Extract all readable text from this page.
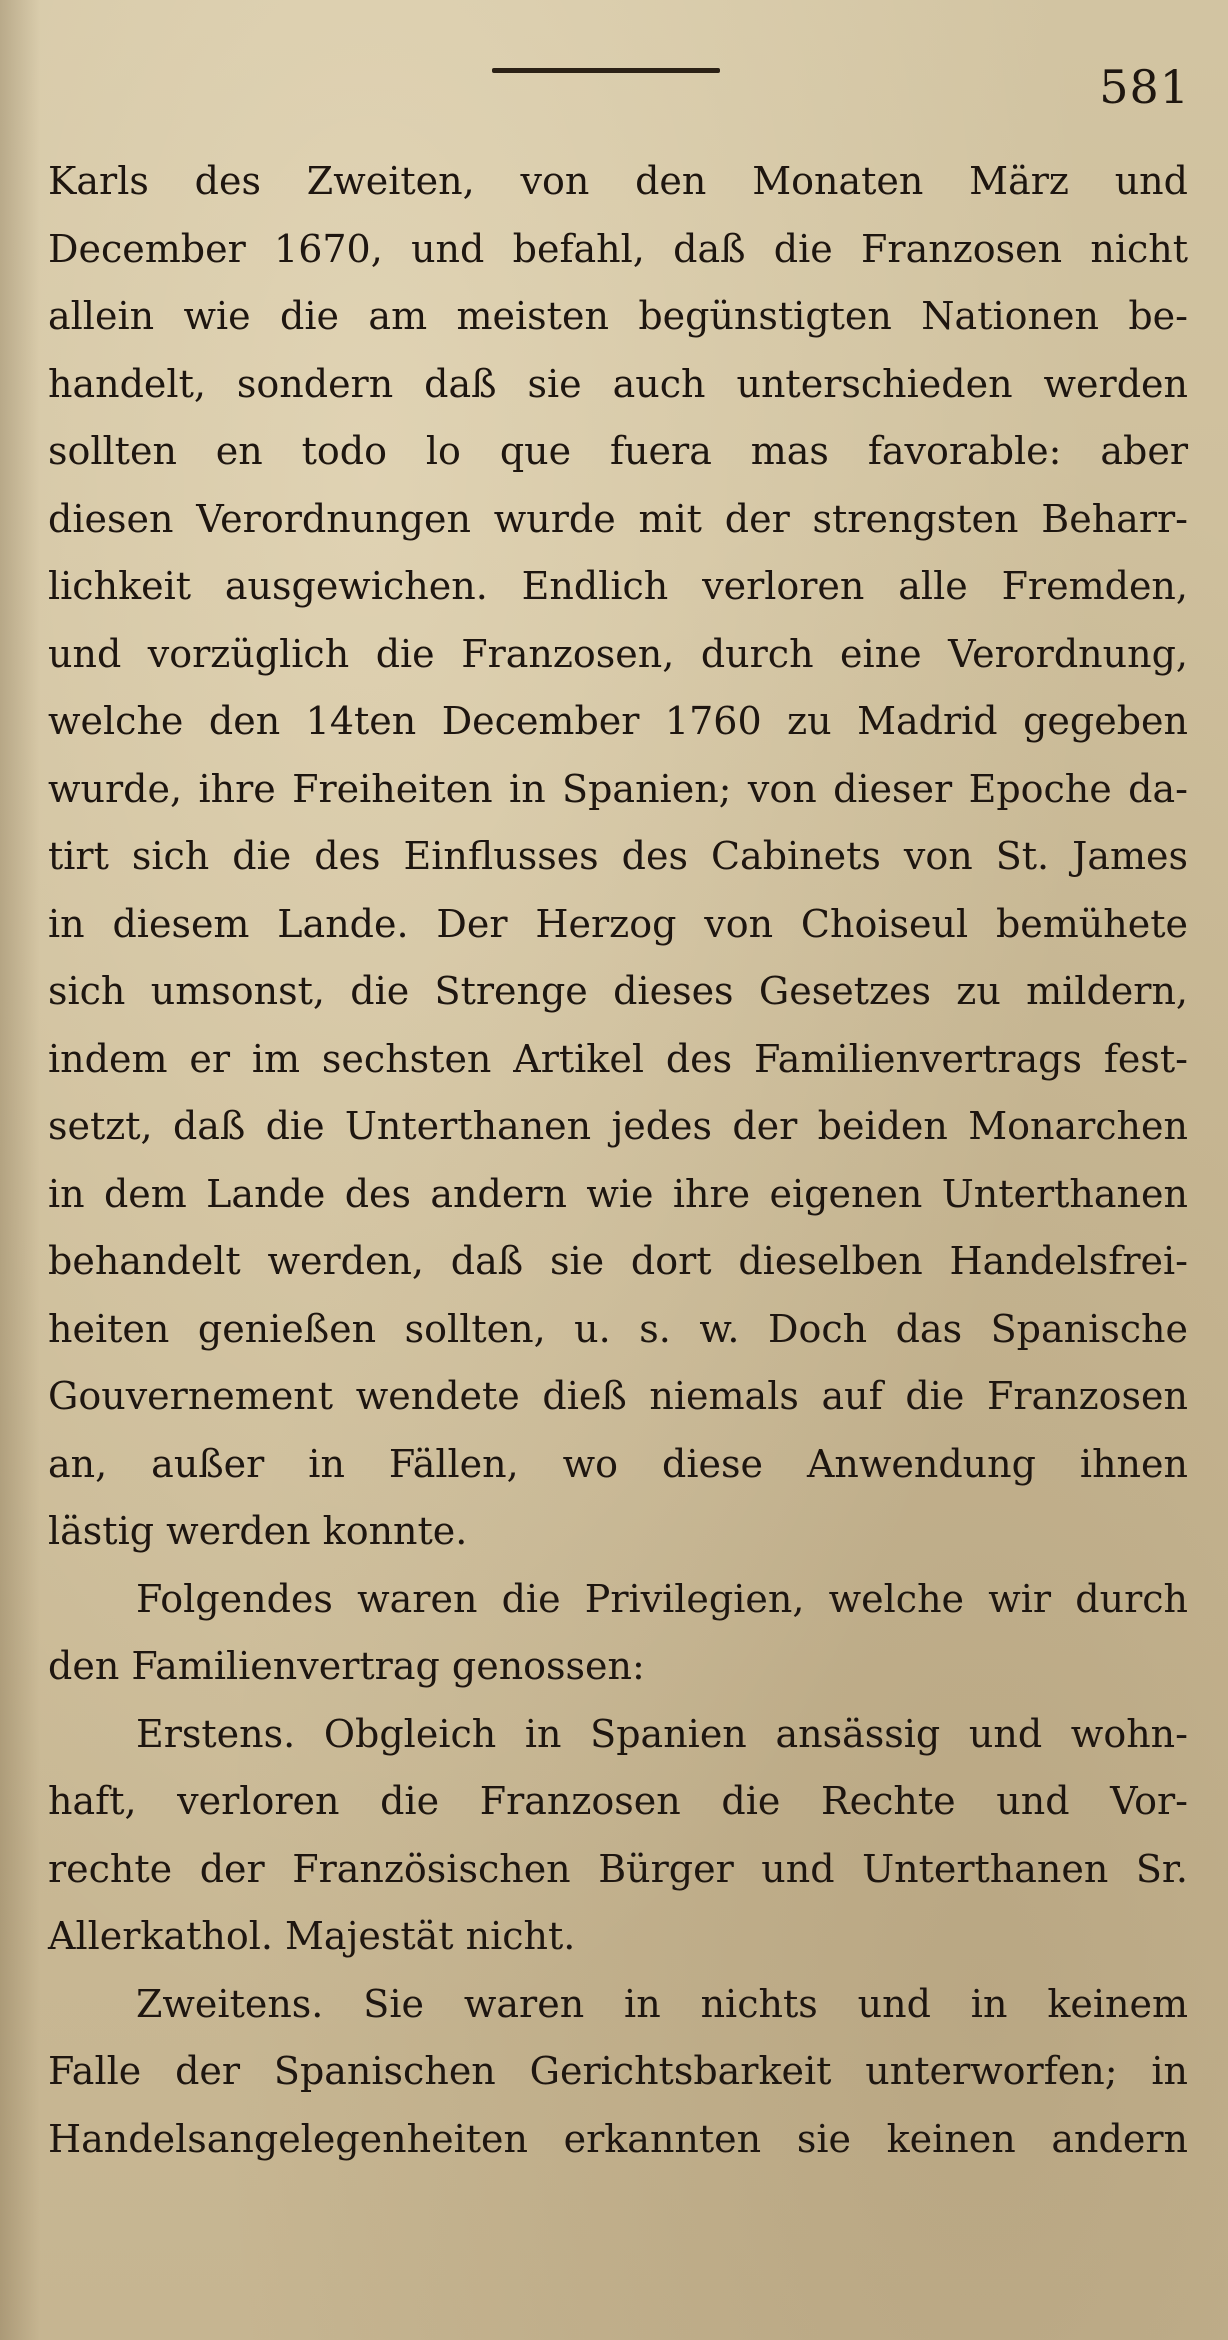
581
Karls des Zweiten, von den Monaten März und
December 1670, und befahl, daß die Franzosen nicht
allein wie die am meisten begünstigten Nationen be-
handelt, sondern daß sie auch unterschieden werden
sollten en todo lo que fuera mas favorable: aber
diesen Verordnungen wurde mit der strengsten Beharr-
lichkeit ausgewichen. Endlich verloren alle Fremden,
und vorzüglich die Franzosen, durch eine Verordnung,
welche den 14ten December 1760 zu Madrid gegeben
wurde, ihre Freiheiten in Spanien; von dieser Epoche da-
tirt sich die des Einflusses des Cabinets von St. James
in diesem Lande. Der Herzog von Choiseul bemühete
sich umsonst, die Strenge dieses Gesetzes zu mildern,
indem er im sechsten Artikel des Familienvertrags fest-
setzt, daß die Unterthanen jedes der beiden Monarchen
in dem Lande des andern wie ihre eigenen Unterthanen
behandelt werden, daß sie dort dieselben Handelsfrei-
heiten genießen sollten, u. s. w. Doch das Spanische
Gouvernement wendete dieß niemals auf die Franzosen
an, außer in Fällen, wo diese Anwendung ihnen
lästig werden konnte.
Folgendes waren die Privilegien, welche wir durch
den Familienvertrag genossen:
Erstens. Obgleich in Spanien ansässig und wohn-
haft, verloren die Franzosen die Rechte und Vor-
rechte der Französischen Bürger und Unterthanen Sr.
Allerkathol. Majestät nicht.
Zweitens. Sie waren in nichts und in keinem
Falle der Spanischen Gerichtsbarkeit unterworfen; in
Handelsangelegenheiten erkannten sie keinen andern
